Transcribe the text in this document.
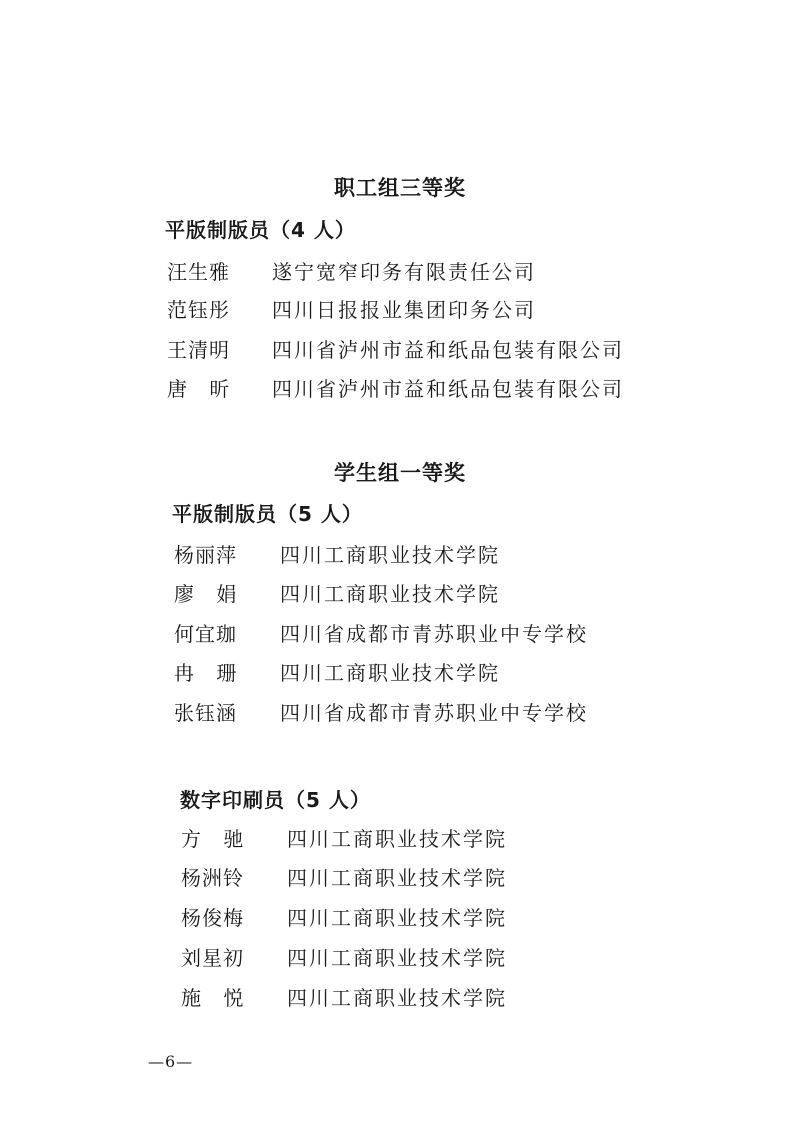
职工组三等奖
平版制版员（4 人）
汪生雅 遂宁宽窄印务有限责任公司
范钰彤 四川日报报业集团印务公司
王清明 四川省泸州市益和纸品包装有限公司
唐 昕 四川省泸州市益和纸品包装有限公司
学生组一等奖
平版制版员（5 人）
杨丽萍 四川工商职业技术学院
廖 娟 四川工商职业技术学院
何宜珈 四川省成都市青苏职业中专学校
冉 珊 四川工商职业技术学院
张钰涵 四川省成都市青苏职业中专学校
数字印刷员（5 人）
方 驰 四川工商职业技术学院
杨洲铃 四川工商职业技术学院
杨俊梅 四川工商职业技术学院
刘星初 四川工商职业技术学院
施 悦 四川工商职业技术学院
—6—
